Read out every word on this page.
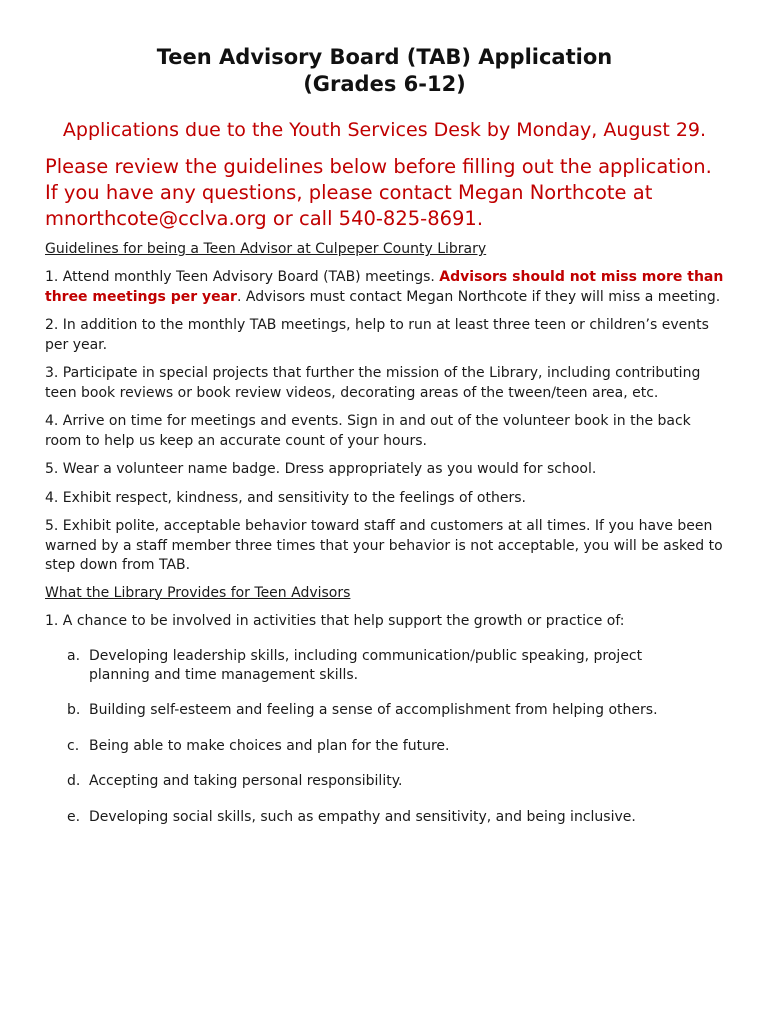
Teen Advisory Board (TAB) Application
(Grades 6-12)

Applications due to the Youth Services Desk by Monday, August 29.

Please review the guidelines below before filling out the application. If you have any questions, please contact Megan Northcote at mnorthcote@cclva.org or call 540-825-8691.

Guidelines for being a Teen Advisor at Culpeper County Library

1. Attend monthly Teen Advisory Board (TAB) meetings. Advisors should not miss more than three meetings per year. Advisors must contact Megan Northcote if they will miss a meeting.

2. In addition to the monthly TAB meetings, help to run at least three teen or children’s events per year.

3. Participate in special projects that further the mission of the Library, including contributing teen book reviews or book review videos, decorating areas of the tween/teen area, etc.

4. Arrive on time for meetings and events. Sign in and out of the volunteer book in the back room to help us keep an accurate count of your hours.

5. Wear a volunteer name badge. Dress appropriately as you would for school.

4. Exhibit respect, kindness, and sensitivity to the feelings of others.

5. Exhibit polite, acceptable behavior toward staff and customers at all times. If you have been warned by a staff member three times that your behavior is not acceptable, you will be asked to step down from TAB.

What the Library Provides for Teen Advisors

1. A chance to be involved in activities that help support the growth or practice of:

a. Developing leadership skills, including communication/public speaking, project planning and time management skills.
b. Building self-esteem and feeling a sense of accomplishment from helping others.
c. Being able to make choices and plan for the future.
d. Accepting and taking personal responsibility.
e. Developing social skills, such as empathy and sensitivity, and being inclusive.
